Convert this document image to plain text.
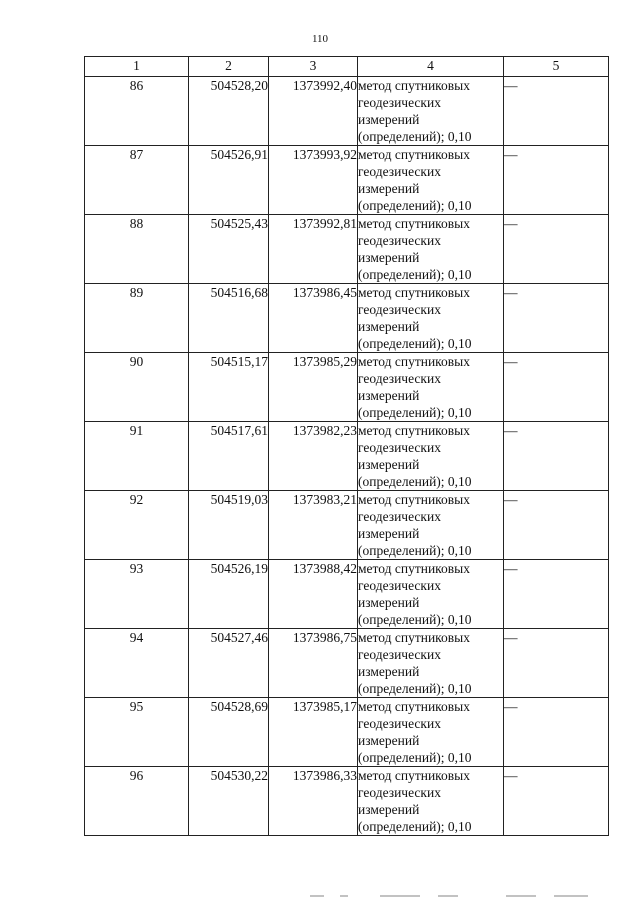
110
1	2	3	4	5
86	504528,20	1373992,40	метод спутниковых
геодезических
измерений
(определений); 0,10	—
87	504526,91	1373993,92	метод спутниковых
геодезических
измерений
(определений); 0,10	—
88	504525,43	1373992,81	метод спутниковых
геодезических
измерений
(определений); 0,10	—
89	504516,68	1373986,45	метод спутниковых
геодезических
измерений
(определений); 0,10	—
90	504515,17	1373985,29	метод спутниковых
геодезических
измерений
(определений); 0,10	—
91	504517,61	1373982,23	метод спутниковых
геодезических
измерений
(определений); 0,10	—
92	504519,03	1373983,21	метод спутниковых
геодезических
измерений
(определений); 0,10	—
93	504526,19	1373988,42	метод спутниковых
геодезических
измерений
(определений); 0,10	—
94	504527,46	1373986,75	метод спутниковых
геодезических
измерений
(определений); 0,10	—
95	504528,69	1373985,17	метод спутниковых
геодезических
измерений
(определений); 0,10	—
96	504530,22	1373986,33	метод спутниковых
геодезических
измерений
(определений); 0,10	—
